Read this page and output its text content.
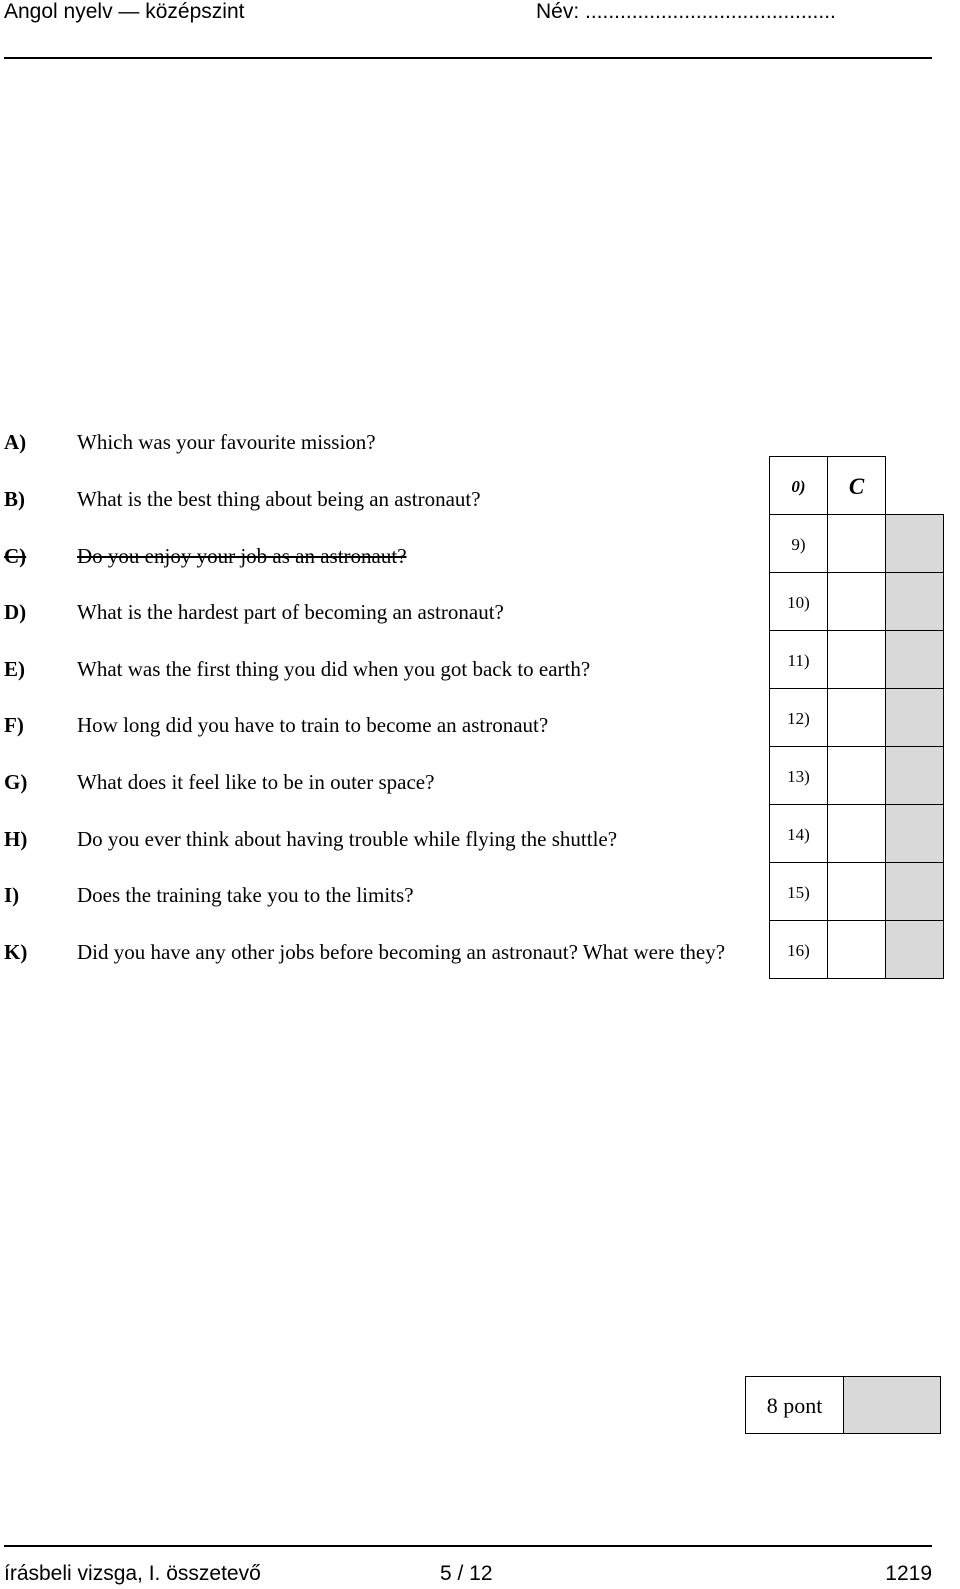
Angol nyelv — középszint	Név: ...........................................
A) Which was your favourite mission?
B) What is the best thing about being an astronaut?
C) Do you enjoy your job as an astronaut?
D) What is the hardest part of becoming an astronaut?
E) What was the first thing you did when you got back to earth?
F)	How long did you have to train to become an astronaut?
G) What does it feel like to be in outer space?
H) Do you ever think about having trouble while flying the shuttle?
I)	Does the training take you to the limits?
K) Did you have any other jobs before becoming an astronaut? What were they?
0)	C
9)
10)
11)
12)
13)
14)
15)
16)
8 pont
írásbeli vizsga, I. összetevő	5 / 12	1219
